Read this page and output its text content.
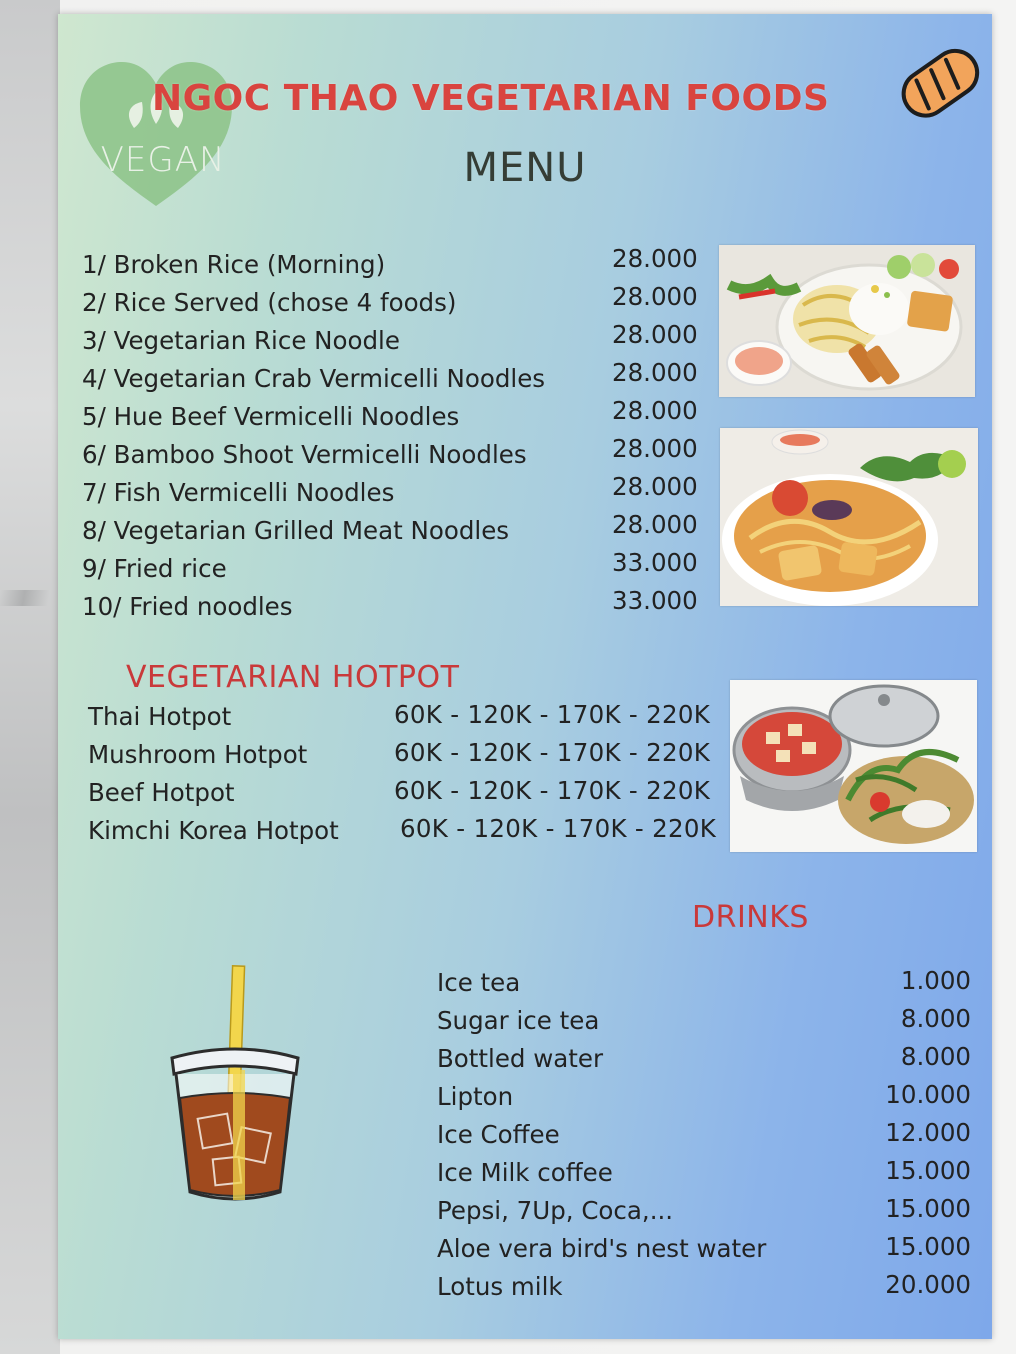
VEGAN
NGOC THAO VEGETARIAN FOODS
MENU
1/ Broken Rice (Morning)	28.000
2/ Rice Served (chose 4 foods)	28.000
3/ Vegetarian Rice Noodle	28.000
4/ Vegetarian Crab Vermicelli Noodles	28.000
5/ Hue Beef Vermicelli Noodles	28.000
6/ Bamboo Shoot Vermicelli Noodles	28.000
7/ Fish Vermicelli Noodles	28.000
8/ Vegetarian Grilled Meat Noodles	28.000
9/ Fried rice	33.000
10/ Fried noodles	33.000
VEGETARIAN HOTPOT
Thai Hotpot	60K - 120K - 170K - 220K
Mushroom Hotpot	60K - 120K - 170K - 220K
Beef Hotpot	60K - 120K - 170K - 220K
Kimchi Korea Hotpot	60K - 120K - 170K - 220K
DRINKS
Ice tea	1.000
Sugar ice tea	8.000
Bottled water	8.000
Lipton	10.000
Ice Coffee	12.000
Ice Milk coffee	15.000
Pepsi, 7Up, Coca,...	15.000
Aloe vera bird's nest water	15.000
Lotus milk	20.000
